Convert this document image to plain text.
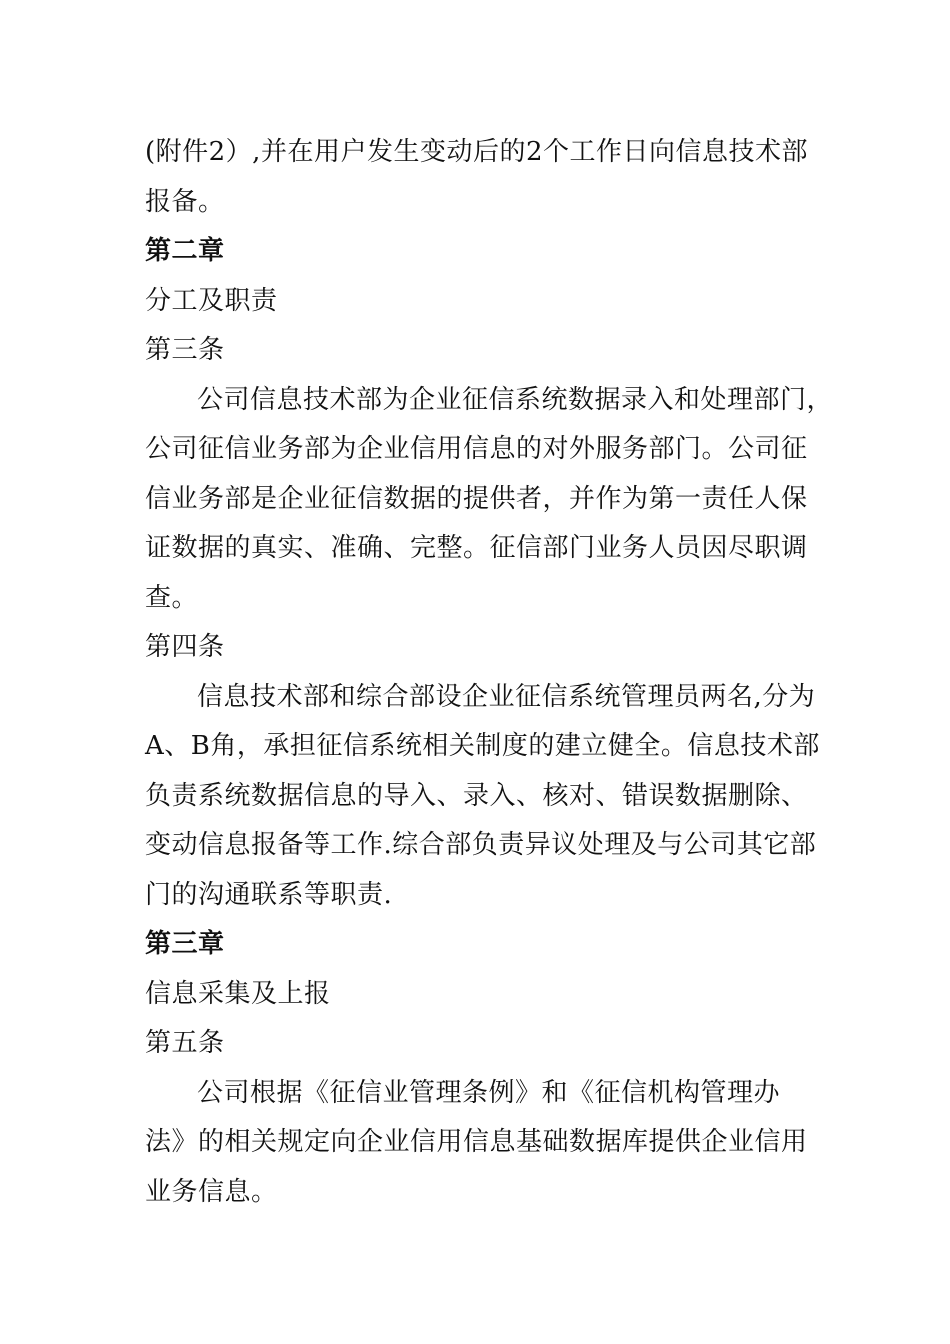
(附件2）,并在用户发生变动后的2个工作日向信息技术部
报备。
第二章
分工及职责
第三条
公司信息技术部为企业征信系统数据录入和处理部门，
公司征信业务部为企业信用信息的对外服务部门。公司征
信业务部是企业征信数据的提供者，并作为第一责任人保
证数据的真实、准确、完整。征信部门业务人员因尽职调
查。
第四条
信息技术部和综合部设企业征信系统管理员两名,分为
A、B角，承担征信系统相关制度的建立健全。信息技术部
负责系统数据信息的导入、录入、核对、错误数据删除、
变动信息报备等工作.综合部负责异议处理及与公司其它部
门的沟通联系等职责.
第三章
信息采集及上报
第五条
公司根据《征信业管理条例》和《征信机构管理办
法》的相关规定向企业信用信息基础数据库提供企业信用
业务信息。
